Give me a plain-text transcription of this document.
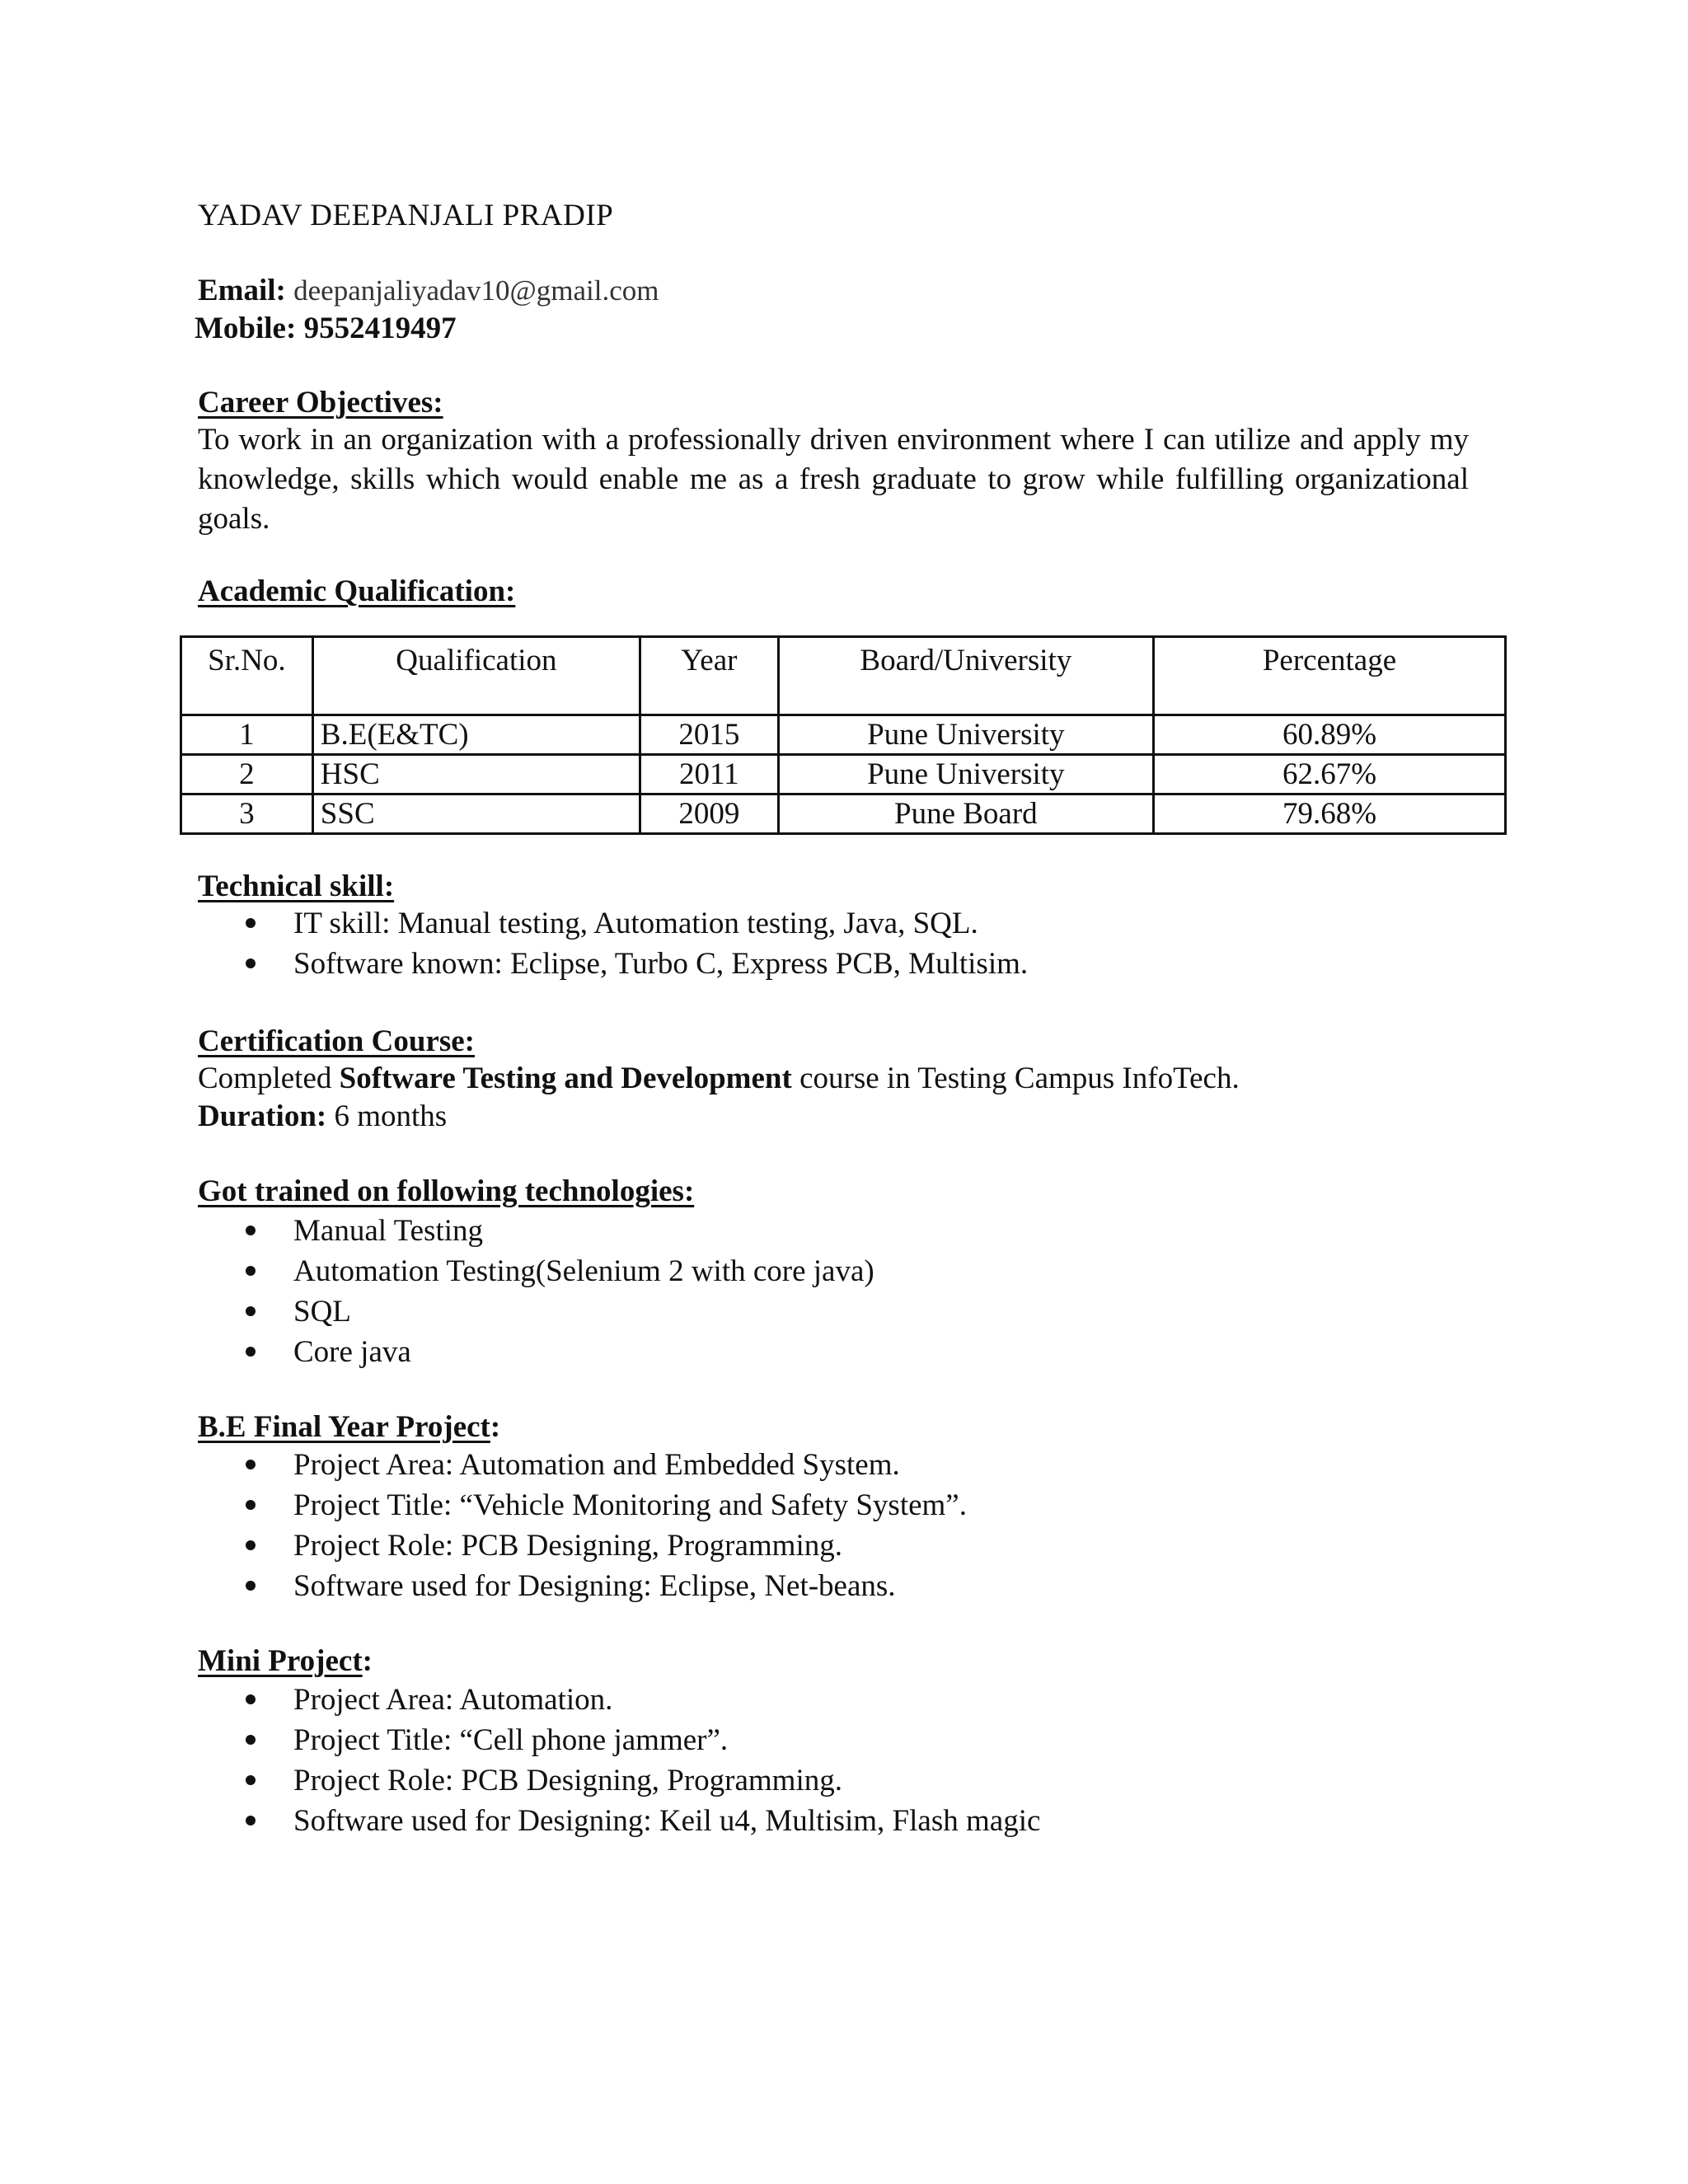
YADAV DEEPANJALI PRADIP
Email: deepanjaliyadav10@gmail.com
Mobile: 9552419497
Career Objectives:
To work in an organization with a professionally driven environment where I can utilize and apply my knowledge, skills which would enable me as a fresh graduate to grow while fulfilling organizational goals.
Academic Qualification:
Sr.No.	Qualification	Year	Board/University	Percentage
1	B.E(E&TC)	2015	Pune University	60.89%
2	HSC	2011	Pune University	62.67%
3	SSC	2009	Pune Board	79.68%
Technical skill:
IT skill: Manual testing, Automation testing, Java, SQL.
Software known: Eclipse, Turbo C, Express PCB, Multisim.
Certification Course:
Completed Software Testing and Development course in Testing Campus InfoTech.
Duration: 6 months
Got trained on following technologies:
Manual Testing
Automation Testing(Selenium 2 with core java)
SQL
Core java
B.E Final Year Project:
Project Area: Automation and Embedded System.
Project Title: “Vehicle Monitoring and Safety System”.
Project Role: PCB Designing, Programming.
Software used for Designing: Eclipse, Net-beans.
Mini Project:
Project Area: Automation.
Project Title: “Cell phone jammer”.
Project Role: PCB Designing, Programming.
Software used for Designing: Keil u4, Multisim, Flash magic
